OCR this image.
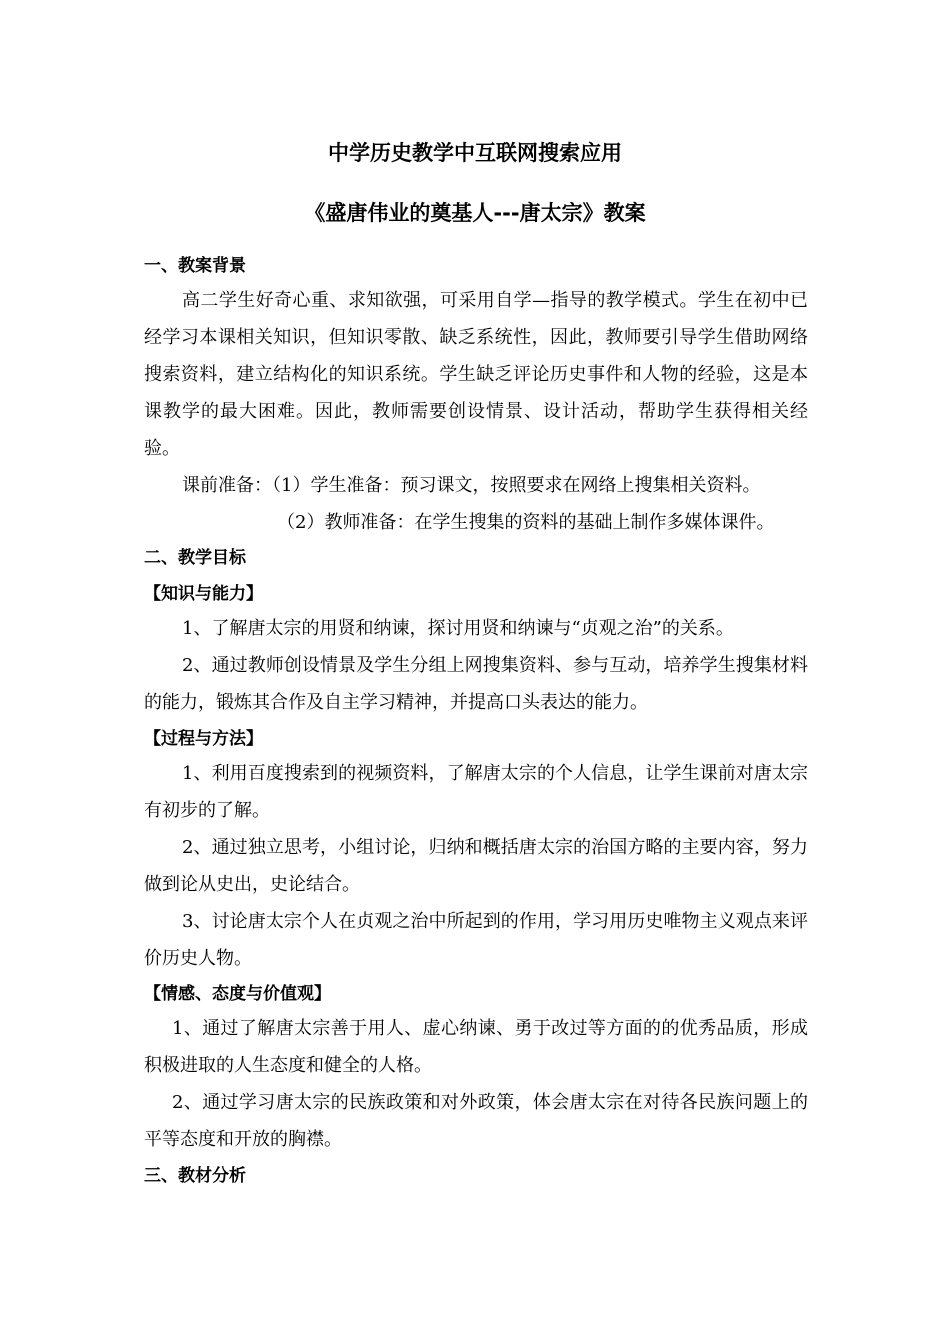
中学历史教学中互联网搜索应用
《盛唐伟业的奠基人---唐太宗》教案
一、教案背景
高二学生好奇心重、求知欲强，可采用自学—指导的教学模式。学生在初中已经学习本课相关知识，但知识零散、缺乏系统性，因此，教师要引导学生借助网络搜索资料，建立结构化的知识系统。学生缺乏评论历史事件和人物的经验，这是本课教学的最大困难。因此，教师需要创设情景、设计活动，帮助学生获得相关经验。
课前准备：（1）学生准备：预习课文，按照要求在网络上搜集相关资料。
（2）教师准备：在学生搜集的资料的基础上制作多媒体课件。
二、教学目标
【知识与能力】
1、了解唐太宗的用贤和纳谏，探讨用贤和纳谏与“贞观之治”的关系。
2、通过教师创设情景及学生分组上网搜集资料、参与互动，培养学生搜集材料的能力，锻炼其合作及自主学习精神，并提高口头表达的能力。
【过程与方法】
1、利用百度搜索到的视频资料，了解唐太宗的个人信息，让学生课前对唐太宗有初步的了解。
2、通过独立思考，小组讨论，归纳和概括唐太宗的治国方略的主要内容，努力做到论从史出，史论结合。
3、讨论唐太宗个人在贞观之治中所起到的作用，学习用历史唯物主义观点来评价历史人物。
【情感、态度与价值观】
1、通过了解唐太宗善于用人、虚心纳谏、勇于改过等方面的的优秀品质，形成积极进取的人生态度和健全的人格。
2、通过学习唐太宗的民族政策和对外政策，体会唐太宗在对待各民族问题上的平等态度和开放的胸襟。
三、教材分析
